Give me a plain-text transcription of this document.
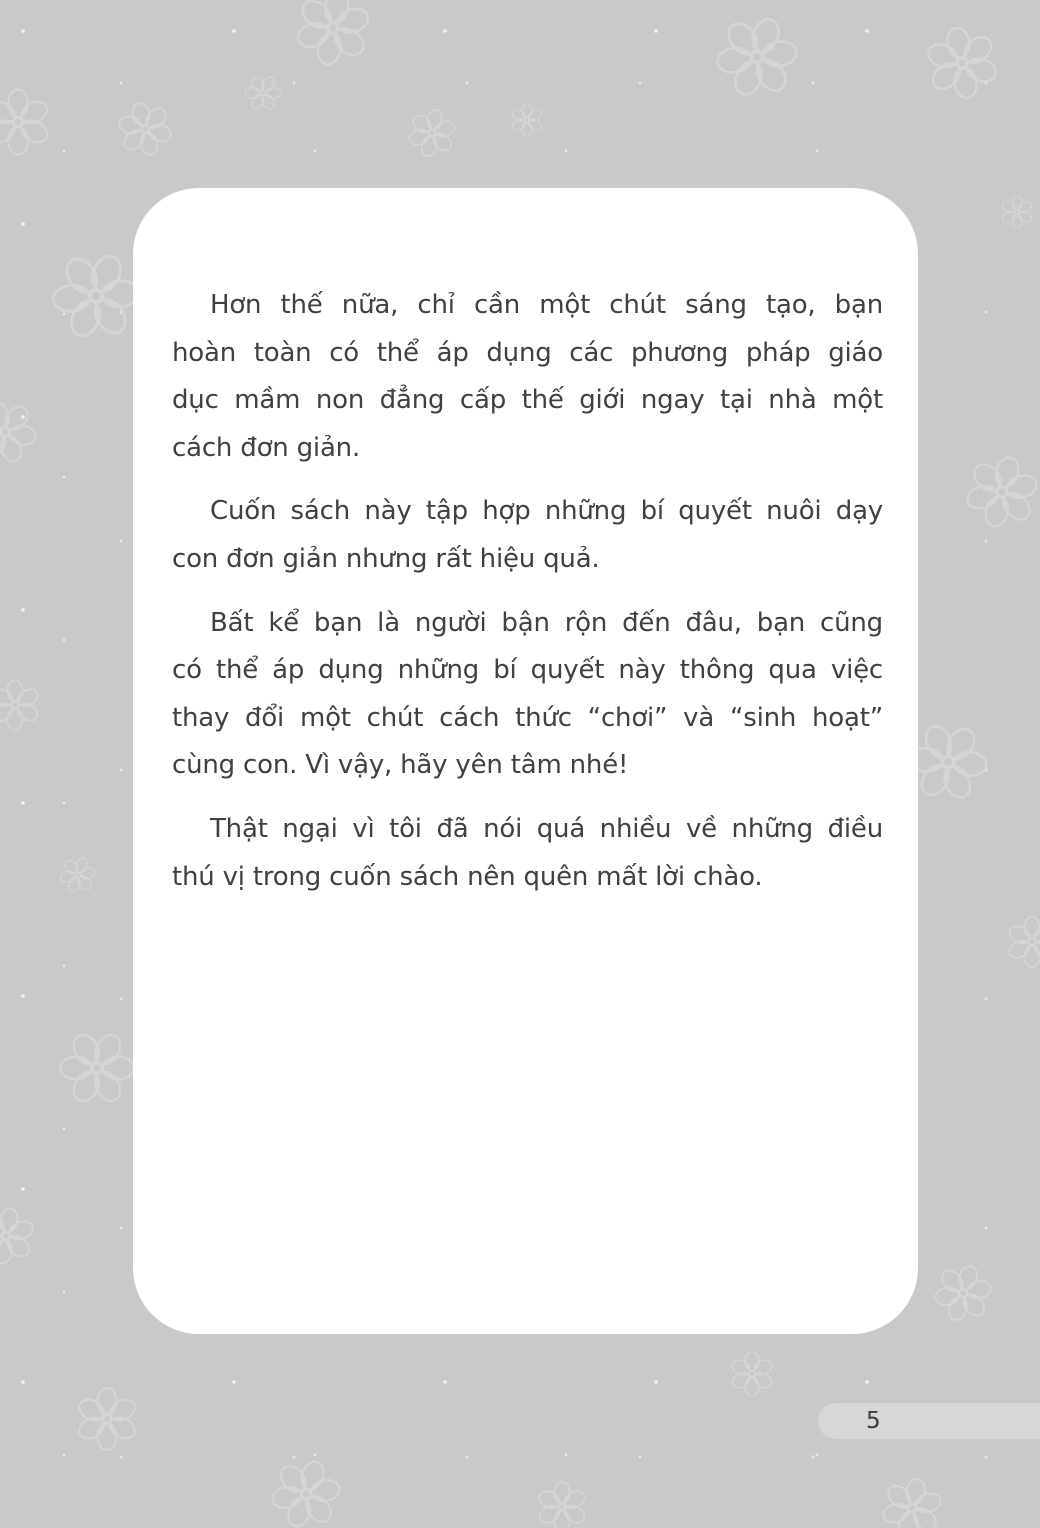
Hơn thế nữa, chỉ cần một chút sáng tạo, bạn
hoàn toàn có thể áp dụng các phương pháp giáo
dục mầm non đẳng cấp thế giới ngay tại nhà một
cách đơn giản.
Cuốn sách này tập hợp những bí quyết nuôi dạy
con đơn giản nhưng rất hiệu quả.
Bất kể bạn là người bận rộn đến đâu, bạn cũng
có thể áp dụng những bí quyết này thông qua việc
thay đổi một chút cách thức “chơi” và “sinh hoạt”
cùng con. Vì vậy, hãy yên tâm nhé!
Thật ngại vì tôi đã nói quá nhiều về những điều
thú vị trong cuốn sách nên quên mất lời chào.
5
